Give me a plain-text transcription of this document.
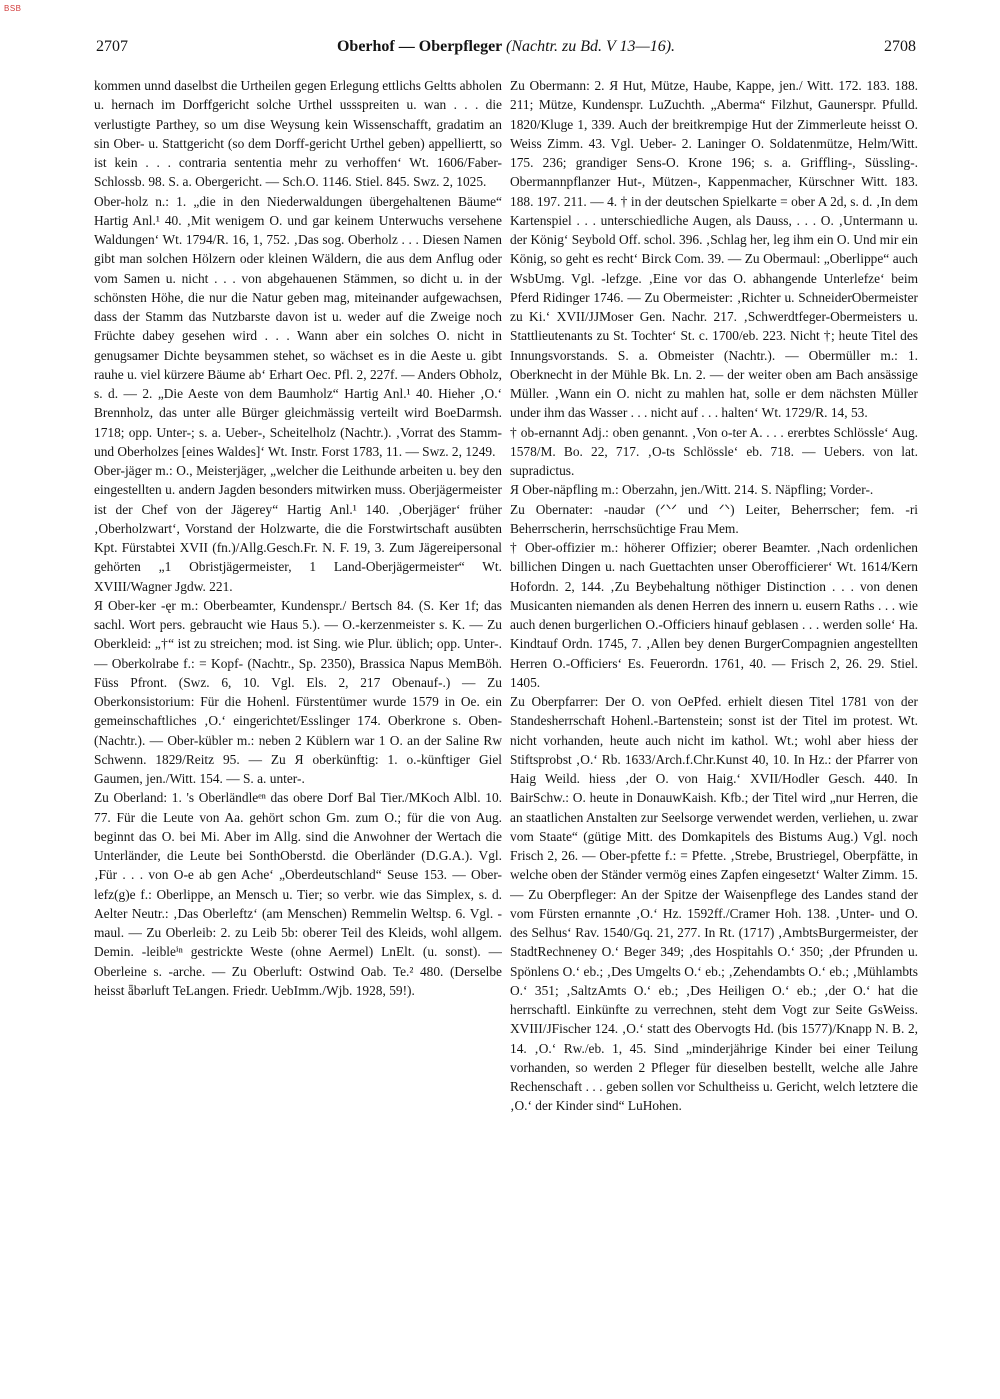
BSB
2707	Oberhof — Oberpfleger (Nachtr. zu Bd. V 13—16).	2708

kommen unnd daselbst die Urtheilen gegen Erlegung ettlichs Geltts abholen u. hernach im Dorffgericht solche Urthel ussspreiten u. wan . . . die verlustigte Parthey, so um dise Weysung kein Wissenschafft, gradatim an sin Ober- u. Stattgericht (so dem Dorff-gericht Urthel geben) appelliertt, so ist kein . . . contraria sententia mehr zu verhoffen‘ Wt. 1606/Faber-Schlossb. 98. S. a. Obergericht. — Sch.O. 1146. Stiel. 845. Swz. 2, 1025.

Ober-holz n.: 1. „die in den Niederwaldungen übergehaltenen Bäume“ Hartig Anl.¹ 40. ‚Mit wenigem O. und gar keinem Unterwuchs versehene Waldungen‘ Wt. 1794/R. 16, 1, 752. ‚Das sog. Oberholz . . . Diesen Namen gibt man solchen Hölzern oder kleinen Wäldern, die aus dem Anflug oder vom Samen u. nicht . . . von abgehauenen Stämmen, so dicht u. in der schönsten Höhe, die nur die Natur geben mag, miteinander aufgewachsen, dass der Stamm das Nutzbarste davon ist u. weder auf die Zweige noch Früchte dabey gesehen wird . . . Wann aber ein solches O. nicht in genugsamer Dichte beysammen stehet, so wächset es in die Aeste u. gibt rauhe u. viel kürzere Bäume ab‘ Erhart Oec. Pfl. 2, 227f. — Anders Obholz, s. d. — 2. „Die Aeste von dem Baumholz“ Hartig Anl.¹ 40. Hieher ‚O.‘ Brennholz, das unter alle Bürger gleichmässig verteilt wird BoeDarmsh. 1718; opp. Unter-; s. a. Ueber-, Scheitelholz (Nachtr.). ‚Vorrat des Stamm- und Oberholzes [eines Waldes]‘ Wt. Instr. Forst 1783, 11. — Swz. 2, 1249.

Ober-jäger m.: O., Meisterjäger, „welcher die Leithunde arbeiten u. bey den eingestellten u. andern Jagden besonders mitwirken muss. Oberjägermeister ist der Chef von der Jägerey“ Hartig Anl.¹ 140. ‚Oberjäger‘ früher ‚Oberholzwart‘, Vorstand der Holzwarte, die die Forstwirtschaft ausübten Kpt. Fürstabtei XVII (fn.)/Allg.Gesch.Fr. N. F. 19, 3. Zum Jägereipersonal gehörten „1 Obristjägermeister, 1 Land-Oberjägermeister“ Wt. XVIII/Wagner Jgdw. 221.

Я Ober-ker -ęr m.: Oberbeamter, Kundenspr./ Bertsch 84. (S. Ker 1f; das sachl. Wort pers. gebraucht wie Haus 5.). — O.-kerzenmeister s. K. — Zu Oberkleid: „†“ ist zu streichen; mod. ist Sing. wie Plur. üblich; opp. Unter-. — Oberkolrabe f.: = Kopf- (Nachtr., Sp. 2350), Brassica Napus MemBöh. Füss Pfront. (Swz. 6, 10. Vgl. Els. 2, 217 Obenauf-.) — Zu Oberkonsistorium: Für die Hohenl. Fürstentümer wurde 1579 in Oe. ein gemeinschaftliches ‚O.‘ eingerichtet/Esslinger 174. Oberkrone s. Oben- (Nachtr.). — Ober-kübler m.: neben 2 Küblern war 1 O. an der Saline Rw Schwenn. 1829/Reitz 95. — Zu Я oberkünftig: 1. o.-künftiger Giel Gaumen, jen./Witt. 154. — S. a. unter-.

Zu Oberland: 1. 's Oberländleᵉⁿ das obere Dorf Bal Tier./MKoch Albl. 10. 77. Für die Leute von Aa. gehört schon Gm. zum O.; für die von Aug. beginnt das O. bei Mi. Aber im Allg. sind die Anwohner der Wertach die Unterländer, die Leute bei SonthOberstd. die Oberländer (D.G.A.). Vgl. ‚Für . . . von O-e ab gen Ache‘ „Oberdeutschland“ Seuse 153. — Ober-lefz(g)e f.: Oberlippe, an Mensch u. Tier; so verbr. wie das Simplex, s. d. Aelter Neutr.: ‚Das Oberleftz‘ (am Menschen) Remmelin Weltsp. 6. Vgl. -maul. — Zu Oberleib: 2. zu Leib 5b: oberer Teil des Kleids, wohl allgem. Demin. -leibleⁱⁿ gestrickte Weste (ohne Aermel) LnElt. (u. sonst). — Oberleine s. -arche. — Zu Oberluft: Ostwind Oab. Te.² 480. (Derselbe heisst ǟbǝrluft TeLangen. Friedr. UebImm./Wjb. 1928, 59!).

Zu Obermann: 2. Я Hut, Mütze, Haube, Kappe, jen./ Witt. 172. 183. 188. 211; Mütze, Kundenspr. LuZuchth. „Aberma“ Filzhut, Gaunerspr. Pfulld. 1820/Kluge 1, 339. Auch der breitkrempige Hut der Zimmerleute heisst O. Weiss Zimm. 43. Vgl. Ueber- 2. Laninger O. Soldatenmütze, Helm/Witt. 175. 236; grandiger Sens-O. Krone 196; s. a. Griffling-, Süssling-. Obermannpflanzer Hut-, Mützen-, Kappenmacher, Kürschner Witt. 183. 188. 197. 211. — 4. † in der deutschen Spielkarte = ober A 2d, s. d. ‚In dem Kartenspiel . . . unterschiedliche Augen, als Dauss, . . . O. ‚Untermann u. der König‘ Seybold Off. schol. 396. ‚Schlag her, leg ihm ein O. Und mir ein König, so geht es recht‘ Birck Com. 39. — Zu Obermaul: „Oberlippe“ auch WsbUmg. Vgl. -lefzge. ‚Eine vor das O. abhangende Unterlefze‘ beim Pferd Ridinger 1746. — Zu Obermeister: ‚Richter u. SchneiderObermeister zu Ki.‘ XVII/JJMoser Gen. Nachr. 217. ‚Schwerdtfeger-Obermeisters u. Stattlieutenants zu St. Tochter‘ St. c. 1700/eb. 223. Nicht †; heute Titel des Innungsvorstands. S. a. Obmeister (Nachtr.). — Obermüller m.: 1. Oberknecht in der Mühle Bk. Ln. 2. — der weiter oben am Bach ansässige Müller. ‚Wann ein O. nicht zu mahlen hat, solle er dem nächsten Müller under ihm das Wasser . . . nicht auf . . . halten‘ Wt. 1729/R. 14, 53.

† ob-ernannt Adj.: oben genannt. ‚Von o-ter A. . . . ererbtes Schlössle‘ Aug. 1578/M. Bo. 22, 717. ‚O-ts Schlössle‘ eb. 718. — Uebers. von lat. supradictus.

Я Ober-näpfling m.: Oberzahn, jen./Witt. 214. S. Näpfling; Vorder-.

Zu Obernater: -naudǝr (ᐟᐠᐟ und ᐟᐠ) Leiter, Beherrscher; fem. -ri Beherrscherin, herrschsüchtige Frau Mem.

† Ober-offizier m.: höherer Offizier; oberer Beamter. ‚Nach ordenlichen billichen Dingen u. nach Guettachten unser Oberofficierer‘ Wt. 1614/Kern Hofordn. 2, 144. ‚Zu Beybehaltung nöthiger Distinction . . . von denen Musicanten niemanden als denen Herren des innern u. eusern Raths . . . wie auch denen burgerlichen O.-Officiers hinauf geblasen . . . werden solle‘ Ha. Kindtauf Ordn. 1745, 7. ‚Allen bey denen BurgerCompagnien angestellten Herren O.-Officiers‘ Es. Feuerordn. 1761, 40. — Frisch 2, 26. 29. Stiel. 1405.

Zu Oberpfarrer: Der O. von OePfed. erhielt diesen Titel 1781 von der Standesherrschaft Hohenl.-Bartenstein; sonst ist der Titel im protest. Wt. nicht vorhanden, heute auch nicht im kathol. Wt.; wohl aber hiess der Stiftsprobst ‚O.‘ Rb. 1633/Arch.f.Chr.Kunst 40, 10. In Hz.: der Pfarrer von Haig Weild. hiess ‚der O. von Haig.‘ XVII/Hodler Gesch. 440. In BairSchw.: O. heute in DonauwKaish. Kfb.; der Titel wird „nur Herren, die an staatlichen Anstalten zur Seelsorge verwendet werden, verliehen, u. zwar vom Staate“ (gütige Mitt. des Domkapitels des Bistums Aug.) Vgl. noch Frisch 2, 26. — Ober-pfette f.: = Pfette. ‚Strebe, Brustriegel, Oberpfätte, in welche oben der Ständer vermög eines Zapfen eingesetzt‘ Walter Zimm. 15. — Zu Oberpfleger: An der Spitze der Waisenpflege des Landes stand der vom Fürsten ernannte ‚O.‘ Hz. 1592ff./Cramer Hoh. 138. ‚Unter- und O. des Selhus‘ Rav. 1540/Gq. 21, 277. In Rt. (1717) ‚AmbtsBurgermeister, der StadtRechneney O.‘ Beger 349; ‚des Hospitahls O.‘ 350; ‚der Pfrunden u. Spönlens O.‘ eb.; ‚Des Umgelts O.‘ eb.; ‚Zehendambts O.‘ eb.; ‚Mühlambts O.‘ 351; ‚SaltzAmts O.‘ eb.; ‚Des Heiligen O.‘ eb.; ‚der O.‘ hat die herrschaftl. Einkünfte zu verrechnen, steht dem Vogt zur Seite GsWeiss. XVIII/JFischer 124. ‚O.‘ statt des Obervogts Hd. (bis 1577)/Knapp N. B. 2, 14. ‚O.‘ Rw./eb. 1, 45. Sind „minderjährige Kinder bei einer Teilung vorhanden, so werden 2 Pfleger für dieselben bestellt, welche alle Jahre Rechenschaft . . . geben sollen vor Schultheiss u. Gericht, welch letztere die ‚O.‘ der Kinder sind“ LuHohen.
